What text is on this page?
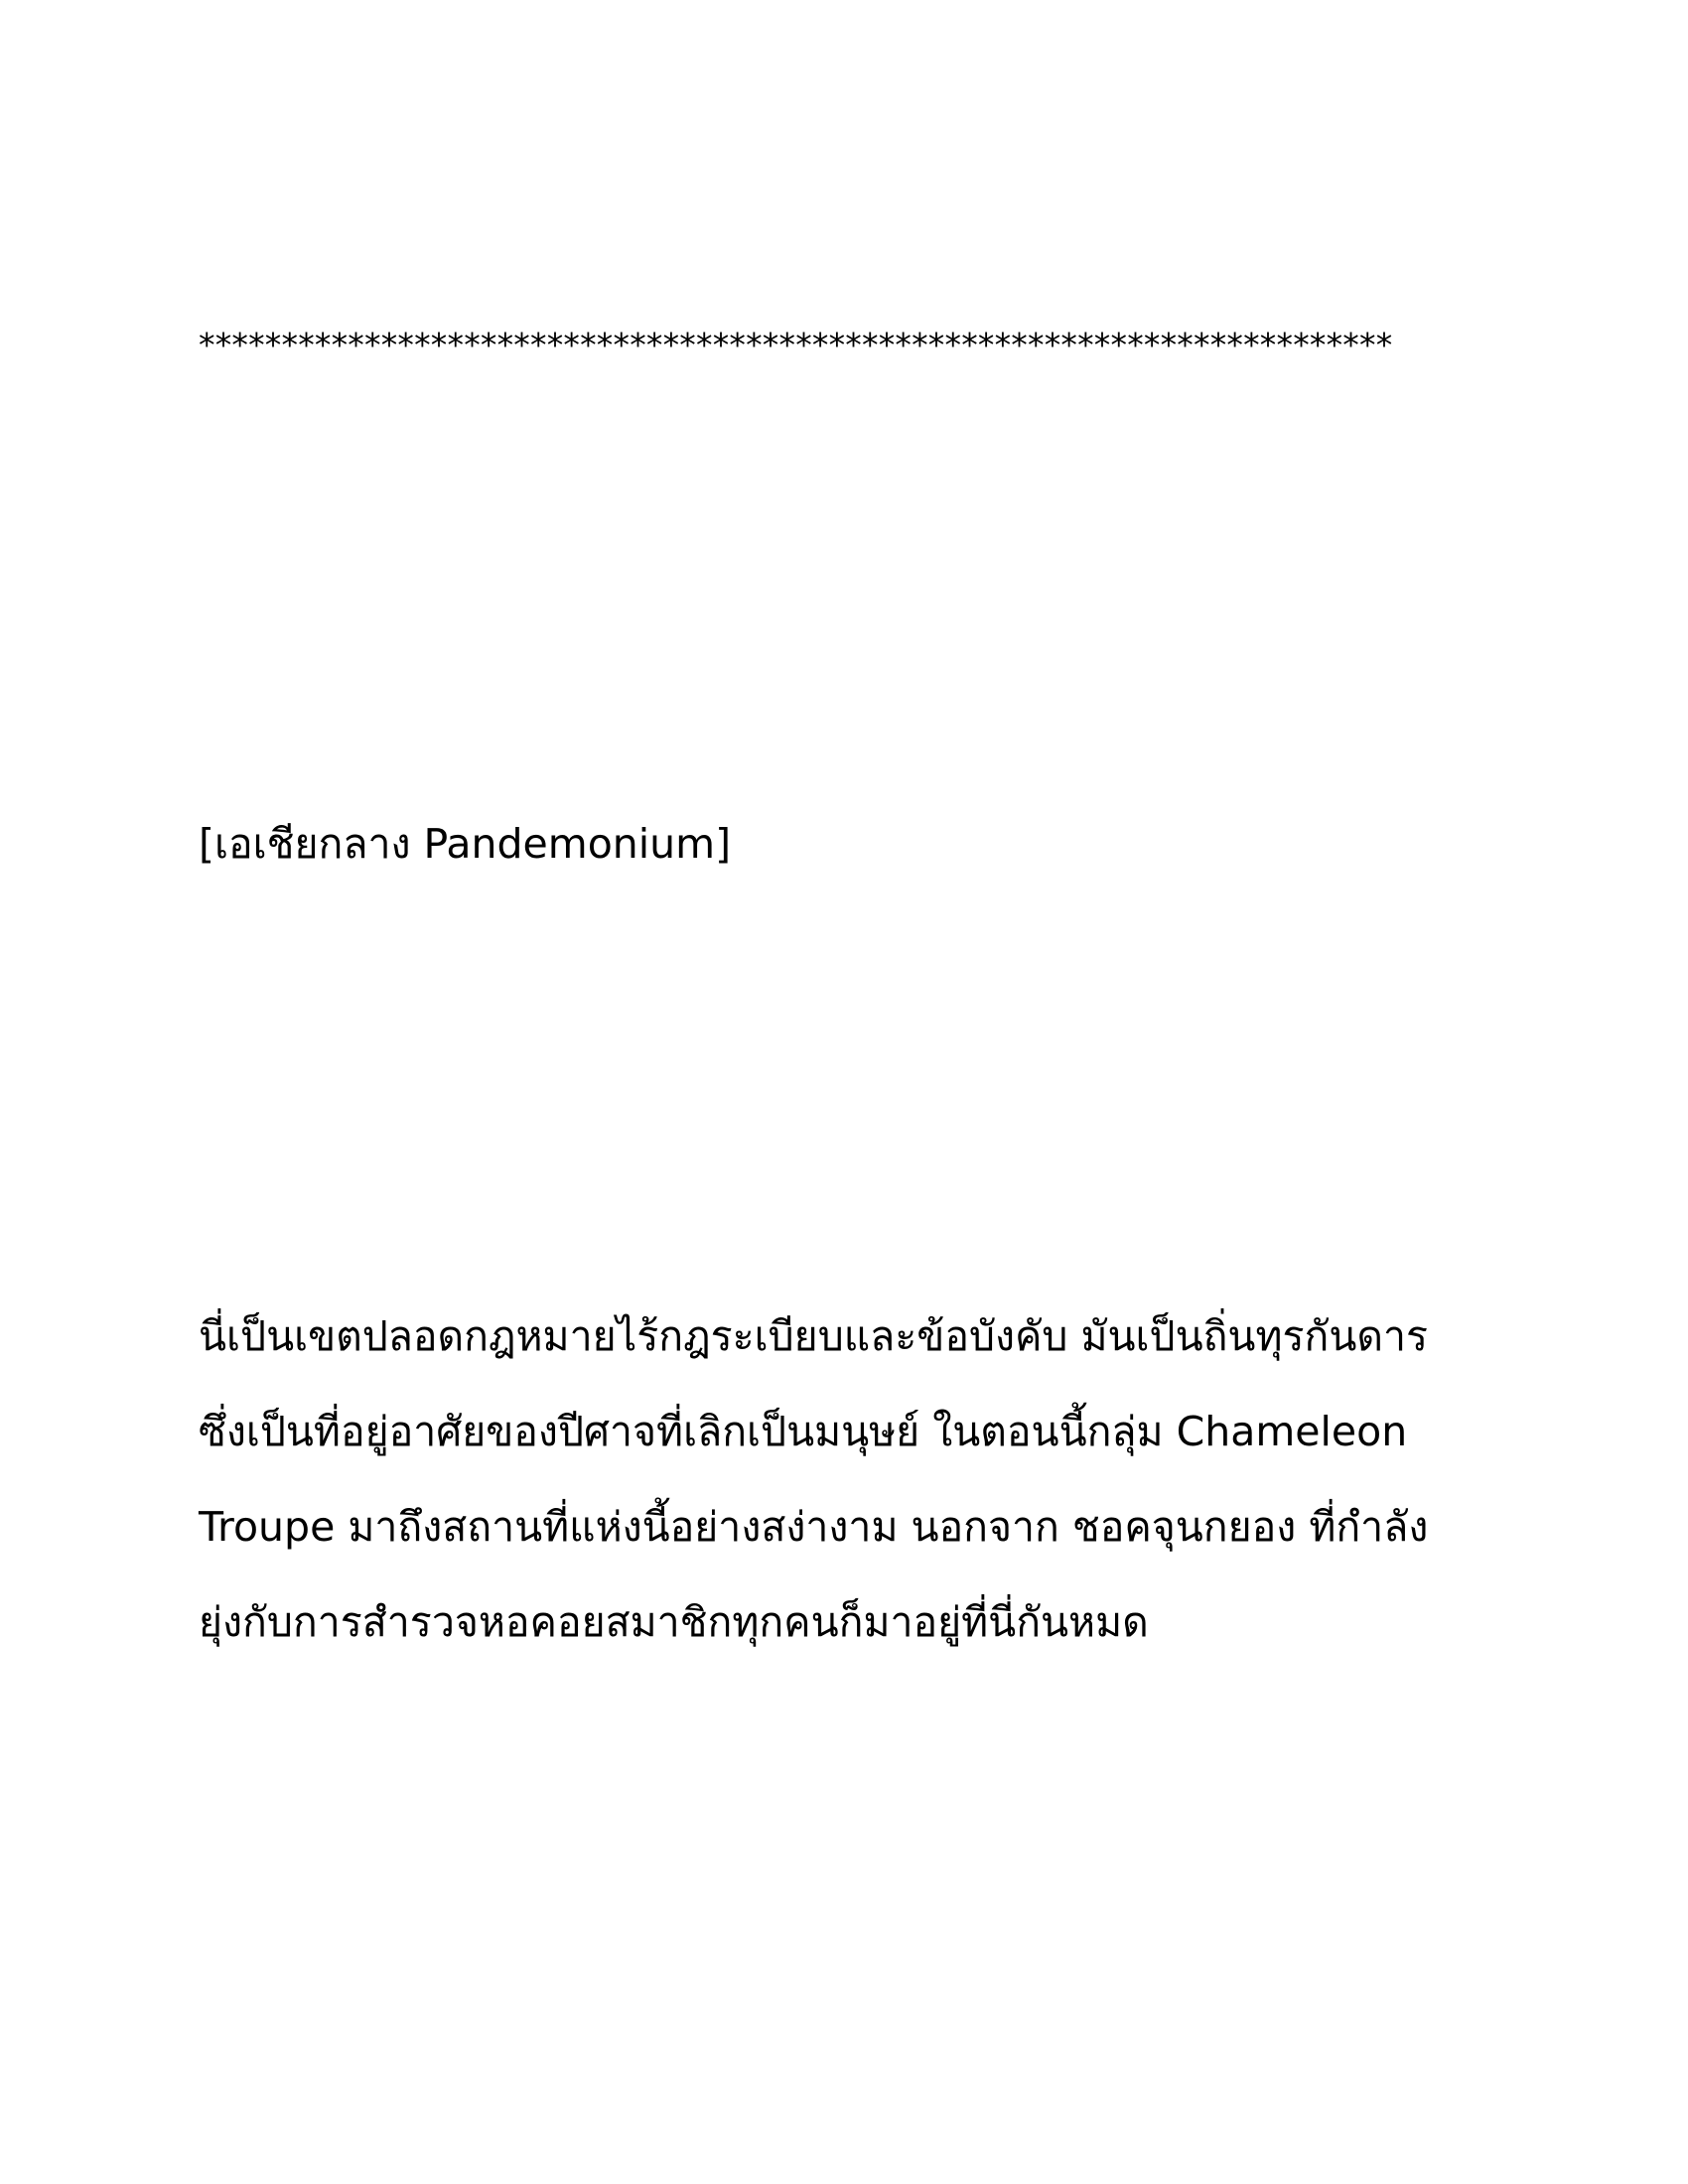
************************************************************************
[เอเชียกลาง Pandemonium]

นี่เป็นเขตปลอดกฎหมายไร้กฎระเบียบและข้อบังคับ มันเป็นถิ่นทุรกันดาร
ซึ่งเป็นที่อยู่อาศัยของปีศาจที่เลิกเป็นมนุษย์ ในตอนนี้กลุ่ม Chameleon
Troupe มาถึงสถานที่แห่งนี้อย่างสง่างาม นอกจาก ชอคจุนกยอง ที่กำลัง
ยุ่งกับการสำรวจหอคอยสมาชิกทุกคนก็มาอยู่ที่นี่กันหมด
